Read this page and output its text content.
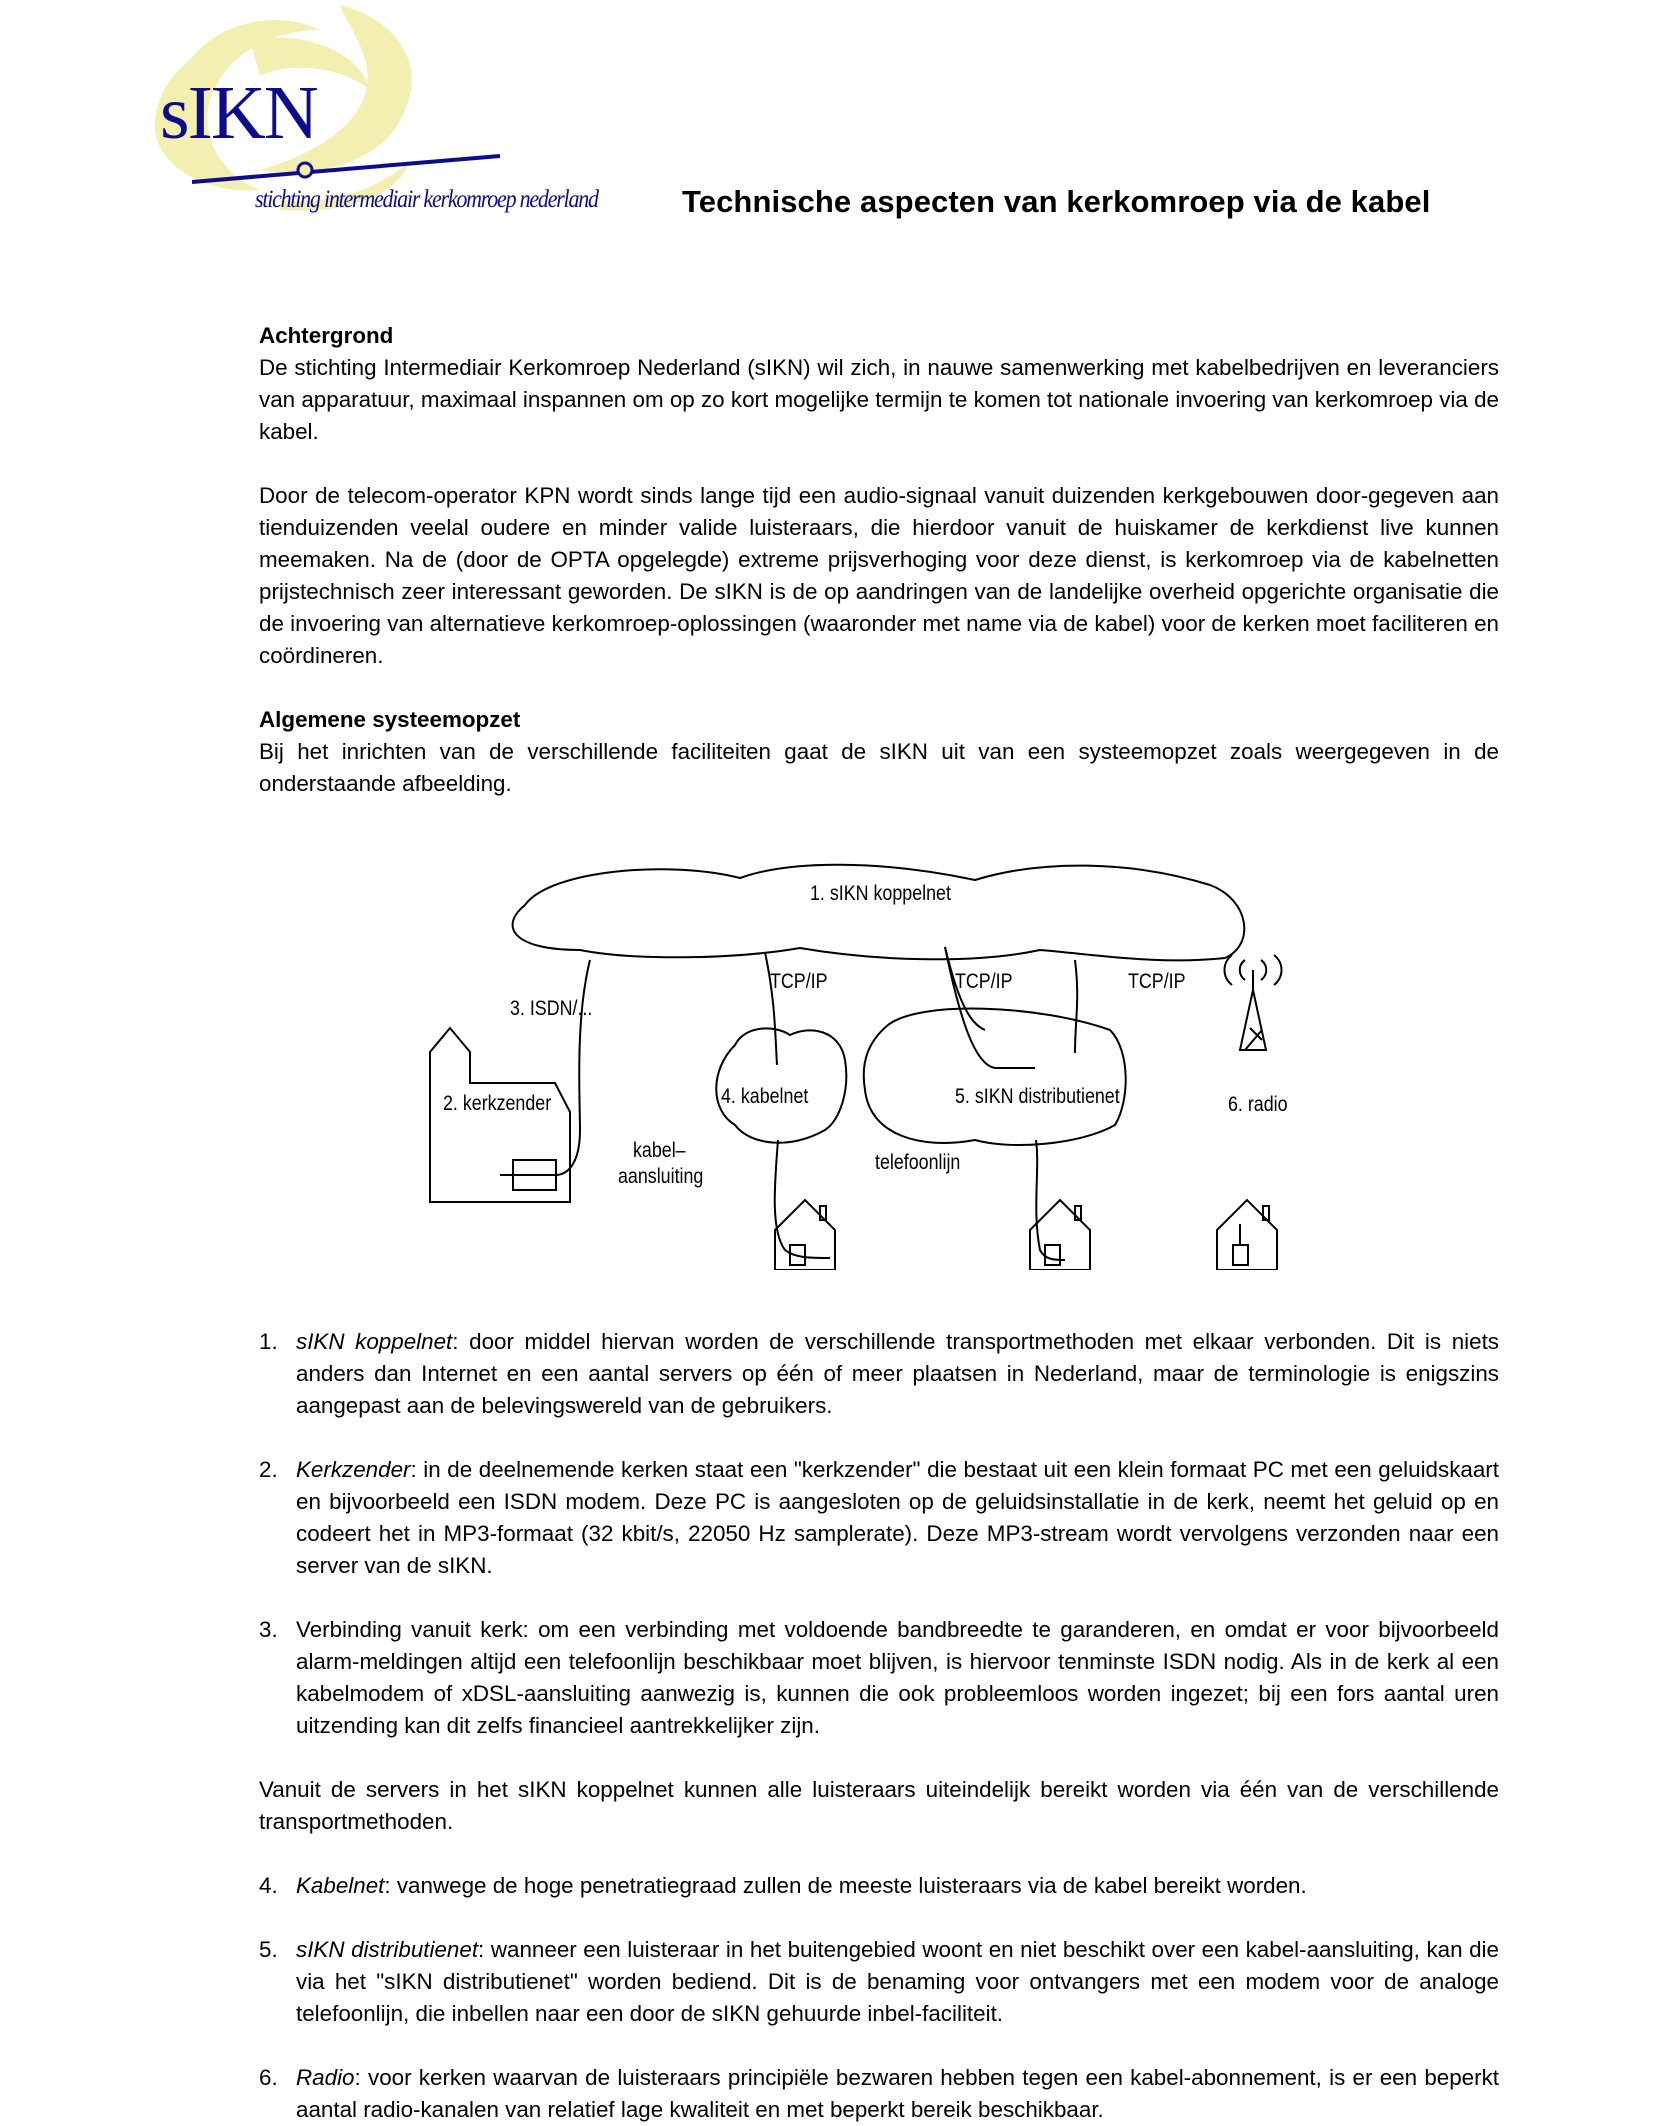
sIKN
stichting intermediair kerkomroep nederland	Technische aspecten van kerkomroep via de kabel

Achtergrond

De stichting Intermediair Kerkomroep Nederland (sIKN) wil zich, in nauwe samenwerking met kabelbedrijven en leveranciers van apparatuur, maximaal inspannen om op zo kort mogelijke termijn te komen tot nationale invoering van kerkomroep via de kabel.

Door de telecom-operator KPN wordt sinds lange tijd een audio-signaal vanuit duizenden kerkgebouwen door-gegeven aan tienduizenden veelal oudere en minder valide luisteraars, die hierdoor vanuit de huiskamer de kerkdienst live kunnen meemaken. Na de (door de OPTA opgelegde) extreme prijsverhoging voor deze dienst, is kerkomroep via de kabelnetten prijstechnisch zeer interessant geworden. De sIKN is de op aandringen van de landelijke overheid opgerichte organisatie die de invoering van alternatieve kerkomroep-oplossingen (waaronder met name via de kabel) voor de kerken moet faciliteren en coördineren.

Algemene systeemopzet

Bij het inrichten van de verschillende faciliteiten gaat de sIKN uit van een systeemopzet zoals weergegeven in de onderstaande afbeelding.

1. sIKN koppelnet: door middel hiervan worden de verschillende transportmethoden met elkaar verbonden. Dit is niets anders dan Internet en een aantal servers op één of meer plaatsen in Nederland, maar de terminologie is enigszins aangepast aan de belevingswereld van de gebruikers.
2. Kerkzender: in de deelnemende kerken staat een "kerkzender" die bestaat uit een klein formaat PC met een geluidskaart en bijvoorbeeld een ISDN modem. Deze PC is aangesloten op de geluidsinstallatie in de kerk, neemt het geluid op en codeert het in MP3-formaat (32 kbit/s, 22050 Hz samplerate). Deze MP3-stream wordt vervolgens verzonden naar een server van de sIKN.
3. Verbinding vanuit kerk: om een verbinding met voldoende bandbreedte te garanderen, en omdat er voor bijvoorbeeld alarm-meldingen altijd een telefoonlijn beschikbaar moet blijven, is hiervoor tenminste ISDN nodig. Als in de kerk al een kabelmodem of xDSL-aansluiting aanwezig is, kunnen die ook probleemloos worden ingezet; bij een fors aantal uren uitzending kan dit zelfs financieel aantrekkelijker zijn.

Vanuit de servers in het sIKN koppelnet kunnen alle luisteraars uiteindelijk bereikt worden via één van de verschillende transportmethoden.

4. Kabelnet: vanwege de hoge penetratiegraad zullen de meeste luisteraars via de kabel bereikt worden.
5. sIKN distributienet: wanneer een luisteraar in het buitengebied woont en niet beschikt over een kabel-aansluiting, kan die via het "sIKN distributienet" worden bediend. Dit is de benaming voor ontvangers met een modem voor de analoge telefoonlijn, die inbellen naar een door de sIKN gehuurde inbel-faciliteit.
6. Radio: voor kerken waarvan de luisteraars principiële bezwaren hebben tegen een kabel-abonnement, is er een beperkt aantal radio-kanalen van relatief lage kwaliteit en met beperkt bereik beschikbaar.
1. sIKN koppelnet
TCP/IP	TCP/IP	TCP/IP
3. ISDN/...
2. kerkzender	4. kabelnet	5. sIKN distributienet	6. radio
kabel–
aansluiting
telefoonlijn
